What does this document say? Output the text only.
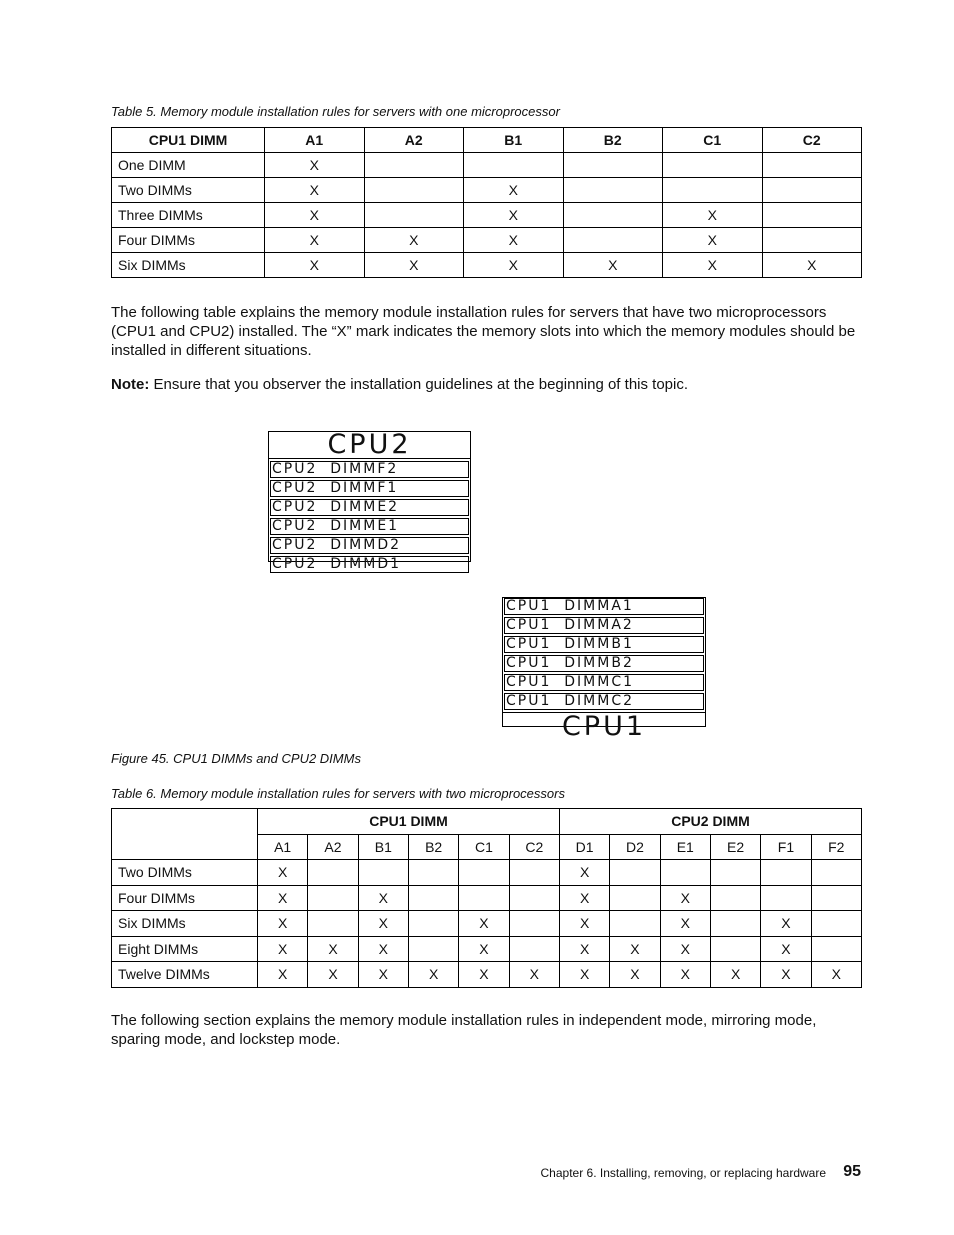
Table 5. Memory module installation rules for servers with one microprocessor
CPU1 DIMM	A1	A2	B1	B2	C1	C2
One DIMM	X					
Two DIMMs	X		X			
Three DIMMs	X		X		X	
Four DIMMs	X	X	X		X	
Six DIMMs	X	X	X	X	X	X
The following table explains the memory module installation rules for servers that have two microprocessors (CPU1 and CPU2) installed. The “X” mark indicates the memory slots into which the memory modules should be installed in different situations.
Note: Ensure that you observer the installation guidelines at the beginning of this topic.
CPU2
CPU2  DIMMF2
CPU2  DIMMF1
CPU2  DIMME2
CPU2  DIMME1
CPU2  DIMMD2
CPU2  DIMMD1
CPU1  DIMMA1
CPU1  DIMMA2
CPU1  DIMMB1
CPU1  DIMMB2
CPU1  DIMMC1
CPU1  DIMMC2
CPU1
Figure 45. CPU1 DIMMs and CPU2 DIMMs
Table 6. Memory module installation rules for servers with two microprocessors
	CPU1 DIMM						CPU2 DIMM					
	A1	A2	B1	B2	C1	C2	D1	D2	E1	E2	F1	F2
Two DIMMs	X						X					
Four DIMMs	X		X				X		X			
Six DIMMs	X		X		X		X		X		X	
Eight DIMMs	X	X	X		X		X	X	X		X	
Twelve DIMMs	X	X	X	X	X	X	X	X	X	X	X	X
The following section explains the memory module installation rules in independent mode, mirroring mode, sparing mode, and lockstep mode.
Chapter 6. Installing, removing, or replacing hardware 95
